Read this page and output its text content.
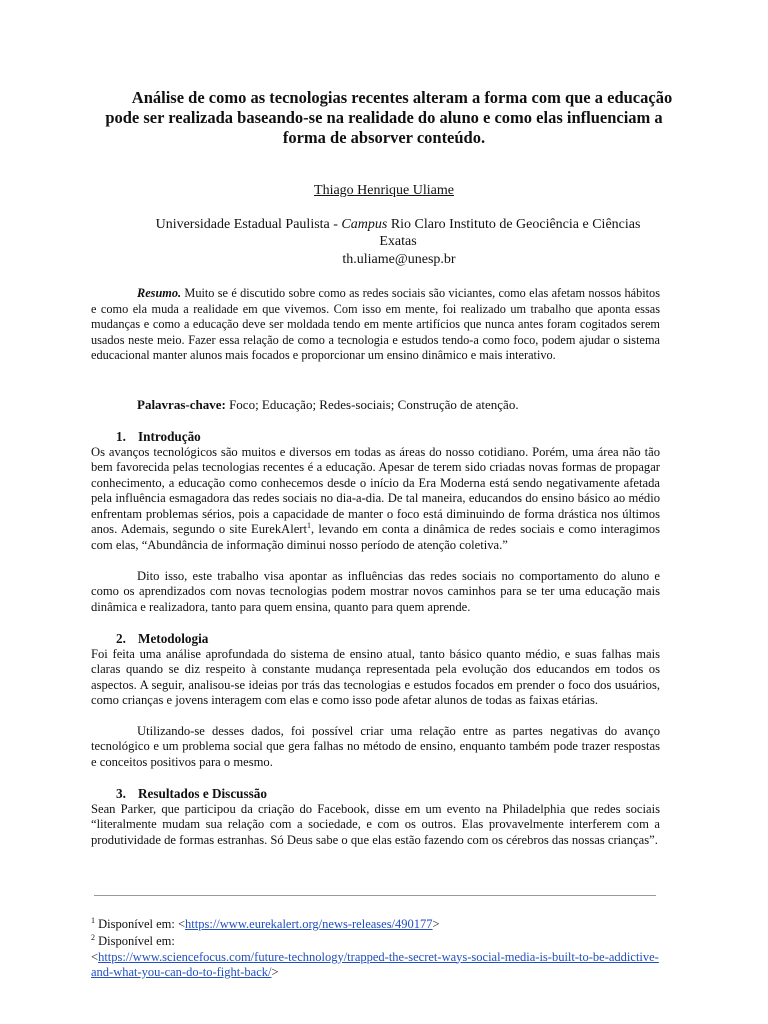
Análise de como as tecnologias recentes alteram a forma com que a educação pode ser realizada baseando-se na realidade do aluno e como elas influenciam a forma de absorver conteúdo.
Thiago Henrique Uliame
Universidade Estadual Paulista - Campus Rio Claro Instituto de Geociência e Ciências Exatas
th.uliame@unesp.br
Resumo. Muito se é discutido sobre como as redes sociais são viciantes, como elas afetam nossos hábitos e como ela muda a realidade em que vivemos. Com isso em mente, foi realizado um trabalho que aponta essas mudanças e como a educação deve ser moldada tendo em mente artifícios que nunca antes foram cogitados serem usados neste meio. Fazer essa relação de como a tecnologia e estudos tendo-a como foco, podem ajudar o sistema educacional manter alunos mais focados e proporcionar um ensino dinâmico e mais interativo.
Palavras-chave: Foco; Educação; Redes-sociais; Construção de atenção.
1. Introdução
Os avanços tecnológicos são muitos e diversos em todas as áreas do nosso cotidiano. Porém, uma área não tão bem favorecida pelas tecnologias recentes é a educação. Apesar de terem sido criadas novas formas de propagar conhecimento, a educação como conhecemos desde o início da Era Moderna está sendo negativamente afetada pela influência esmagadora das redes sociais no dia-a-dia. De tal maneira, educandos do ensino básico ao médio enfrentam problemas sérios, pois a capacidade de manter o foco está diminuindo de forma drástica nos últimos anos. Ademais, segundo o site EurekAlert$^1$, levando em conta a dinâmica de redes sociais e como interagimos com elas, “Abundância de informação diminui nosso período de atenção coletiva.”
Dito isso, este trabalho visa apontar as influências das redes sociais no comportamento do aluno e como os aprendizados com novas tecnologias podem mostrar novos caminhos para se ter uma educação mais dinâmica e realizadora, tanto para quem ensina, quanto para quem aprende.
2. Metodologia
Foi feita uma análise aprofundada do sistema de ensino atual, tanto básico quanto médio, e suas falhas mais claras quando se diz respeito à constante mudança representada pela evolução dos educandos em todos os aspectos. A seguir, analisou-se ideias por trás das tecnologias e estudos focados em prender o foco dos usuários, como crianças e jovens interagem com elas e como isso pode afetar alunos de todas as faixas etárias.
Utilizando-se desses dados, foi possível criar uma relação entre as partes negativas do avanço tecnológico e um problema social que gera falhas no método de ensino, enquanto também pode trazer respostas e conceitos positivos para o mesmo.
3. Resultados e Discussão
Sean Parker, que participou da criação do Facebook, disse em um evento na Philadelphia que redes sociais “literalmente mudam sua relação com a sociedade, e com os outros. Elas provavelmente interferem com a produtividade de formas estranhas. Só Deus sabe o que elas estão fazendo com os cérebros das nossas crianças”.
$^1$ Disponível em: <https://www.eurekalert.org/news-releases/490177>
$^2$ Disponível em:
<https://www.sciencefocus.com/future-technology/trapped-the-secret-ways-social-media-is-built-to-be-addictive-and-what-you-can-do-to-fight-back/>
